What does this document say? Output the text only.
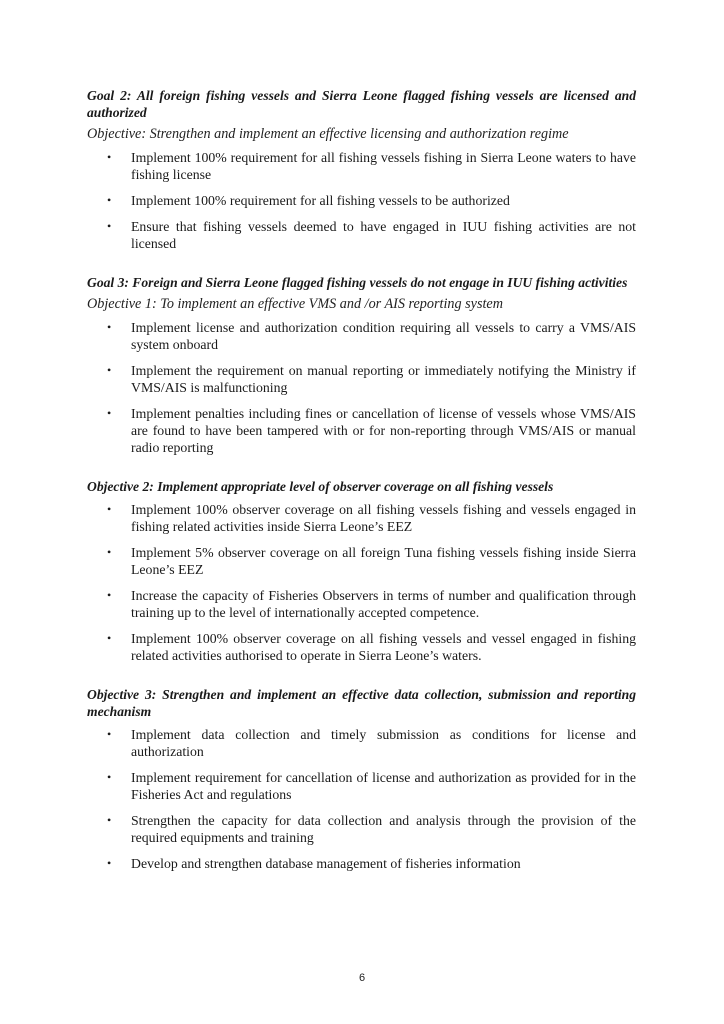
Goal 2: All foreign fishing vessels and Sierra Leone flagged fishing vessels are licensed and authorized

Objective: Strengthen and implement an effective licensing and authorization regime

• Implement 100% requirement for all fishing vessels fishing in Sierra Leone waters to have fishing license
• Implement 100% requirement for all fishing vessels to be authorized
• Ensure that fishing vessels deemed to have engaged in IUU fishing activities are not licensed

Goal 3: Foreign and Sierra Leone flagged fishing vessels do not engage in IUU fishing activities

Objective 1: To implement an effective VMS and /or AIS reporting system

• Implement license and authorization condition requiring all vessels to carry a VMS/AIS system onboard
• Implement the requirement on manual reporting or immediately notifying the Ministry if VMS/AIS is malfunctioning
• Implement penalties including fines or cancellation of license of vessels whose VMS/AIS are found to have been tampered with or for non-reporting through VMS/AIS or manual radio reporting

Objective 2: Implement appropriate level of observer coverage on all fishing vessels

• Implement 100% observer coverage on all fishing vessels fishing and vessels engaged in fishing related activities inside Sierra Leone’s EEZ
• Implement 5% observer coverage on all foreign Tuna fishing vessels fishing inside Sierra Leone’s EEZ
• Increase the capacity of Fisheries Observers in terms of number and qualification through training up to the level of internationally accepted competence.
• Implement 100% observer coverage on all fishing vessels and vessel engaged in fishing related activities authorised to operate in Sierra Leone’s waters.

Objective 3: Strengthen and implement an effective data collection, submission and reporting mechanism

• Implement data collection and timely submission as conditions for license and authorization
• Implement requirement for cancellation of license and authorization as provided for in the Fisheries Act and regulations
• Strengthen the capacity for data collection and analysis through the provision of the required equipments and training
• Develop and strengthen database management of fisheries information
6
